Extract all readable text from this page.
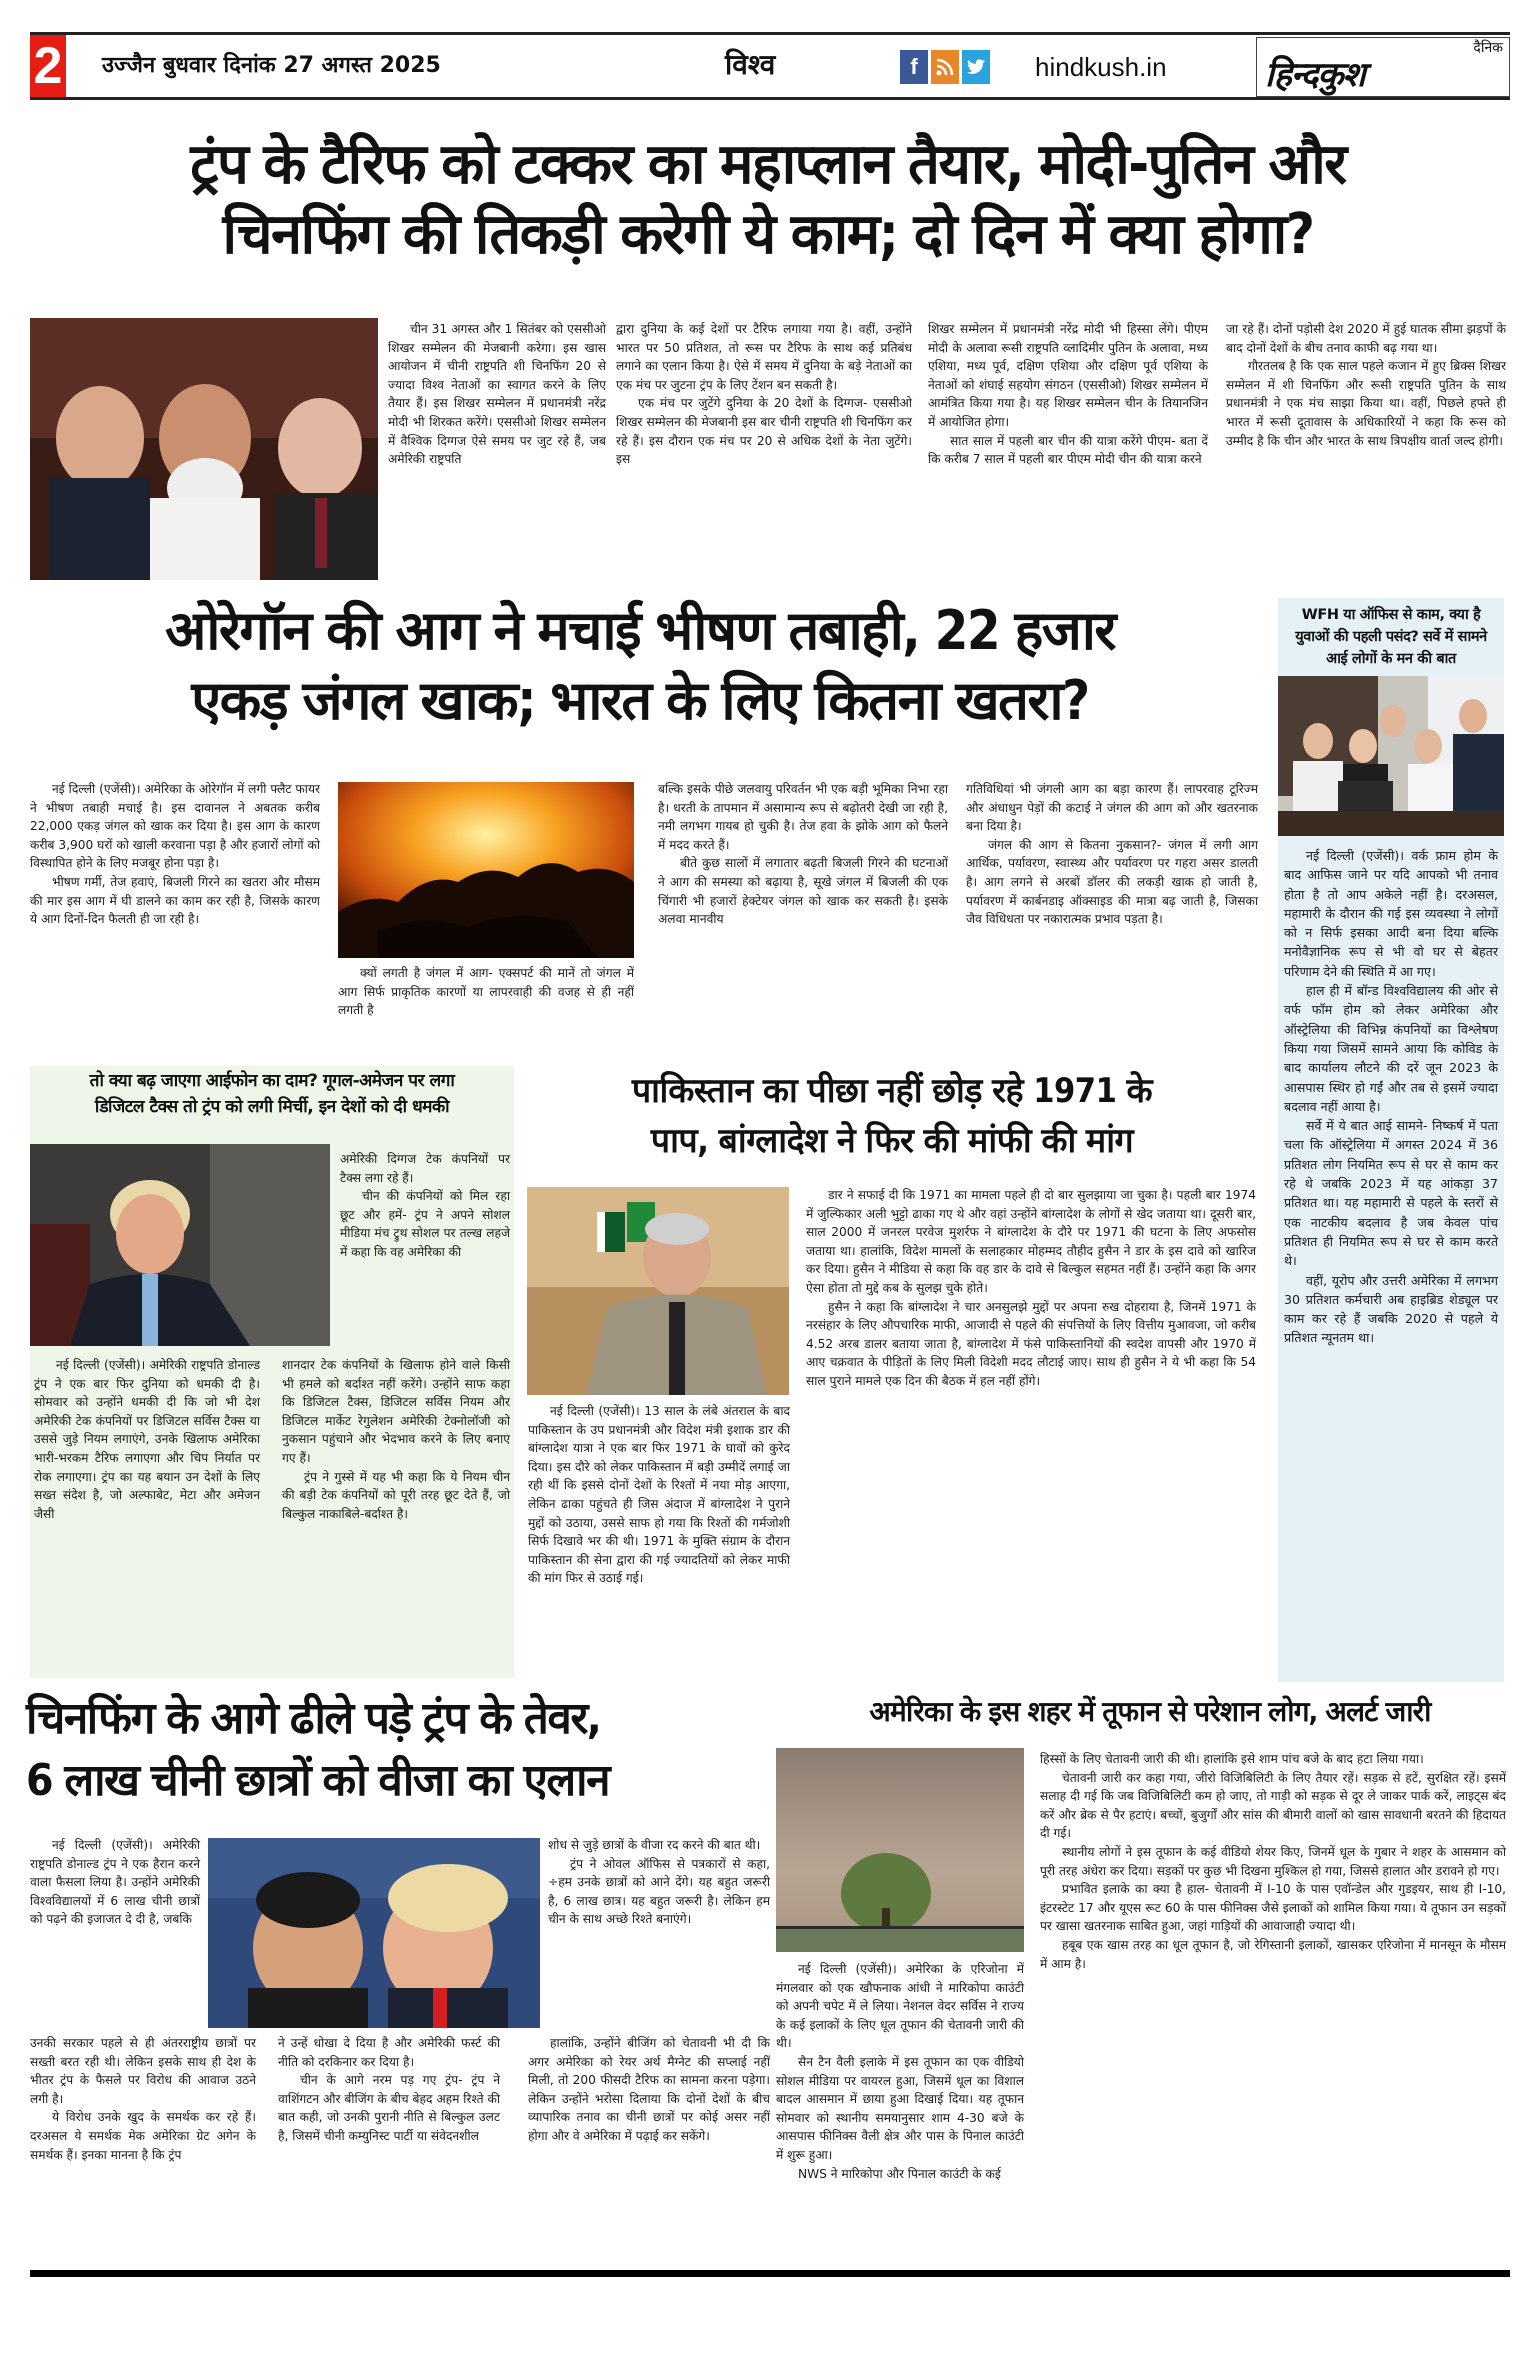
2 उज्जैन बुधवार दिनांक 27 अगस्त 2025	विश्व	f	hindkush.in
दैनिक
हिन्दकुश
ट्रंप के टैरिफ को टक्कर का महाप्लान तैयार, मोदी-पुतिन और
चिनफिंग की तिकड़ी करेगी ये काम; दो दिन में क्या होगा?

चीन 31 अगस्त और 1 सितंबर को एससीओ शिखर सम्मेलन की मेजबानी करेगा। इस खास आयोजन में चीनी राष्ट्रपति शी चिनफिंग 20 से ज्यादा विश्व नेताओं का स्वागत करने के लिए तैयार हैं। इस शिखर सम्मेलन में प्रधानमंत्री नरेंद्र मोदी भी शिरकत करेंगे। एससीओ शिखर सम्मेलन में वैश्विक दिग्गज ऐसे समय पर जुट रहे हैं, जब अमेरिकी राष्ट्रपति

द्वारा दुनिया के कई देशों पर टैरिफ लगाया गया है। वहीं, उन्होंने भारत पर 50 प्रतिशत, तो रूस पर टैरिफ के साथ कई प्रतिबंध लगाने का एलान किया है। ऐसे में समय में दुनिया के बड़े नेताओं का एक मंच पर जुटना ट्रंप के लिए टेंशन बन सकती है।

एक मंच पर जुटेंगे दुनिया के 20 देशों के दिग्गज- एससीओ शिखर सम्मेलन की मेजबानी इस बार चीनी राष्ट्रपति शी चिनफिंग कर रहे हैं। इस दौरान एक मंच पर 20 से अधिक देशों के नेता जुटेंगे। इस

शिखर सम्मेलन में प्रधानमंत्री नरेंद्र मोदी भी हिस्सा लेंगे। पीएम मोदी के अलावा रूसी राष्ट्रपति व्लादिमीर पुतिन के अलावा, मध्य एशिया, मध्य पूर्व, दक्षिण एशिया और दक्षिण पूर्व एशिया के नेताओं को शंघाई सहयोग संगठन (एससीओ) शिखर सम्मेलन में आमंत्रित किया गया है। यह शिखर सम्मेलन चीन के तियानजिन में आयोजित होगा।

सात साल में पहली बार चीन की यात्रा करेंगे पीएम- बता दें कि करीब 7 साल में पहली बार पीएम मोदी चीन की यात्रा करने

जा रहे हैं। दोनों पड़ोसी देश 2020 में हुई घातक सीमा झड़पों के बाद दोनों देशों के बीच तनाव काफी बढ़ गया था।

गौरतलब है कि एक साल पहले कजान में हुए ब्रिक्स शिखर सम्मेलन में शी चिनफिंग और रूसी राष्ट्रपति पुतिन के साथ प्रधानमंत्री ने एक मंच साझा किया था। वहीं, पिछले हफ्ते ही भारत में रूसी दूतावास के अधिकारियों ने कहा कि रूस को उम्मीद है कि चीन और भारत के साथ त्रिपक्षीय वार्ता जल्द होगी।

ओरेगॉन की आग ने मचाई भीषण तबाही, 22 हजार
एकड़ जंगल खाक; भारत के लिए कितना खतरा?

नई दिल्ली (एजेंसी)। अमेरिका के ओरेगॉन में लगी फ्लैट फायर ने भीषण तबाही मचाई है। इस दावानल ने अबतक करीब 22,000 एकड़ जंगल को खाक कर दिया है। इस आग के कारण करीब 3,900 घरों को खाली करवाना पड़ा है और हजारों लोगों को विस्थापित होने के लिए मजबूर होना पड़ा है।

भीषण गर्मी, तेज हवाएं, बिजली गिरने का खतरा और मौसम की मार इस आग में घी डालने का काम कर रही है, जिसके कारण ये आग दिनों-दिन फैलती ही जा रही है।

क्यों लगती है जंगल में आग- एक्सपर्ट की मानें तो जंगल में आग सिर्फ प्राकृतिक कारणों या लापरवाही की वजह से ही नहीं लगती है

बल्कि इसके पीछे जलवायु परिवर्तन भी एक बड़ी भूमिका निभा रहा है। धरती के तापमान में असामान्य रूप से बढ़ोतरी देखी जा रही है, नमी लगभग गायब हो चुकी है। तेज हवा के झोके आग को फैलने में मदद करते हैं।

बीते कुछ सालों में लगातार बढ़ती बिजली गिरने की घटनाओं ने आग की समस्या को बढ़ाया है, सूखे जंगल में बिजली की एक चिंगारी भी हजारों हेक्टेयर जंगल को खाक कर सकती है। इसके अलवा मानवीय

गतिविधियां भी जंगली आग का बड़ा कारण हैं। लापरवाह टूरिज्म और अंधाधुन पेड़ों की कटाई ने जंगल की आग को और खतरनाक बना दिया है।

जंगल की आग से कितना नुकसान?- जंगल में लगी आग आर्थिक, पर्यावरण, स्वास्थ्य और पर्यावरण पर गहरा असर डालती है। आग लगने से अरबों डॉलर की लकड़ी खाक हो जाती है, पर्यावरण में कार्बनडाइ ऑक्साइड की मात्रा बढ़ जाती है, जिसका जैव विधिधता पर नकारात्मक प्रभाव पड़ता है।

WFH या ऑफिस से काम, क्या है युवाओं की पहली पसंद? सर्वे में सामने आई लोगों के मन की बात

नई दिल्ली (एजेंसी)। वर्क फ्राम होम के बाद आफिस जाने पर यदि आपको भी तनाव होता है तो आप अकेले नहीं है। दरअसल, महामारी के दौरान की गई इस व्यवस्था ने लोगों को न सिर्फ इसका आदी बना दिया बल्कि मनोवैज्ञानिक रूप से भी वो घर से बेहतर परिणाम देने की स्थिति में आ गए।

हाल ही में बॉन्ड विश्वविद्यालय की ओर से वर्फ फॉम होम को लेकर अमेरिका और ऑस्ट्रेलिया की विभिन्न कंपनियों का विश्लेषण किया गया जिसमें सामने आया कि कोविड के बाद कार्यालय लौटने की दरें जून 2023 के आसपास स्थिर हो गईं और तब से इसमें ज्यादा बदलाव नहीं आया है।

सर्वे में ये बात आई सामने- निष्कर्ष में पता चला कि ऑस्ट्रेलिया में अगस्त 2024 में 36 प्रतिशत लोग नियमित रूप से घर से काम कर रहे थे जबकि 2023 में यह आंकड़ा 37 प्रतिशत था। यह महामारी से पहले के स्तरों से एक नाटकीय बदलाव है जब केवल पांच प्रतिशत ही नियमित रूप से घर से काम करते थे।

वहीं, यूरोप और उत्तरी अमेरिका में लगभग 30 प्रतिशत कर्मचारी अब हाइब्रिड शेड्यूल पर काम कर रहे हैं जबकि 2020 से पहले ये प्रतिशत न्यूनतम था।

तो क्या बढ़ जाएगा आईफोन का दाम? गूगल-अमेजन पर लगा
डिजिटल टैक्स तो ट्रंप को लगी मिर्ची, इन देशों को दी धमकी

अमेरिकी दिग्गज टेक कंपनियों पर टैक्स लगा रहे हैं।

चीन की कंपनियों को मिल रहा छूट और हमें- ट्रंप ने अपने सोशल मीडिया मंच ट्रुथ सोशल पर तल्ख लहजे में कहा कि वह अमेरिका की

नई दिल्ली (एजेंसी)। अमेरिकी राष्ट्रपति डोनाल्ड ट्रंप ने एक बार फिर दुनिया को धमकी दी है। सोमवार को उन्होंने धमकी दी कि जो भी देश अमेरिकी टेक कंपनियों पर डिजिटल सर्विस टैक्स या उससे जुड़े नियम लगाएंगे, उनके खिलाफ अमेरिका भारी-भरकम टैरिफ लगाएगा और चिप निर्यात पर रोक लगाएगा। ट्रंप का यह बयान उन देशों के लिए सख्त संदेश है, जो अल्फाबेट, मेटा और अमेजन जैसी

शानदार टेक कंपनियों के खिलाफ होने वाले किसी भी हमले को बर्दाश्त नहीं करेंगे। उन्होंने साफ कहा कि डिजिटल टैक्स, डिजिटल सर्विस नियम और डिजिटल मार्केट रेगुलेशन अमेरिकी टेक्नोलॉजी को नुकसान पहुंचाने और भेदभाव करने के लिए बनाए गए हैं।

ट्रंप ने गुस्से में यह भी कहा कि ये नियम चीन की बड़ी टेक कंपनियों को पूरी तरह छूट देते हैं, जो बिल्कुल नाकाबिले-बर्दाश्त है।

पाकिस्तान का पीछा नहीं छोड़ रहे 1971 के
पाप, बांग्लादेश ने फिर की मांफी की मांग

नई दिल्ली (एजेंसी)। 13 साल के लंबे अंतराल के बाद पाकिस्तान के उप प्रधानमंत्री और विदेश मंत्री इशाक डार की बांग्लादेश यात्रा ने एक बार फिर 1971 के घावों को कुरेद दिया। इस दौरे को लेकर पाकिस्तान में बड़ी उम्मीदें लगाई जा रही थीं कि इससे दोनों देशों के रिश्तों में नया मोड़ आएगा, लेकिन ढाका पहुंचते ही जिस अंदाज में बांग्लादेश ने पुराने मुद्दों को उठाया, उससे साफ हो गया कि रिश्तों की गर्मजोशी सिर्फ दिखावे भर की थी। 1971 के मुक्ति संग्राम के दौरान पाकिस्तान की सेना द्वारा की गई ज्यादतियों को लेकर माफी की मांग फिर से उठाई गई।

डार ने सफाई दी कि 1971 का मामला पहले ही दो बार सुलझाया जा चुका है। पहली बार 1974 में जुल्फिकार अली भुट्टो ढाका गए थे और वहां उन्होंने बांग्लादेश के लोगों से खेद जताया था। दूसरी बार, साल 2000 में जनरल परवेज मुशर्रफ ने बांग्लादेश के दौरे पर 1971 की घटना के लिए अफसोस जताया था। हालांकि, विदेश मामलों के सलाहकार मोहम्मद तौहीद हुसैन ने डार के इस दावे को खारिज कर दिया। हुसैन ने मीडिया से कहा कि वह डार के दावे से बिल्कुल सहमत नहीं हैं। उन्होंने कहा कि अगर ऐसा होता तो मुद्दे कब के सुलझ चुके होते।

हुसैन ने कहा कि बांग्लादेश ने चार अनसुलझे मुद्दों पर अपना रुख दोहराया है, जिनमें 1971 के नरसंहार के लिए औपचारिक माफी, आजादी से पहले की संपत्तियों के लिए वित्तीय मुआवजा, जो करीब 4.52 अरब डालर बताया जाता है, बांग्लादेश में फंसे पाकिस्तानियों की स्वदेश वापसी और 1970 में आए चक्रवात के पीड़ितों के लिए मिली विदेशी मदद लौटाई जाए। साथ ही हुसैन ने ये भी कहा कि 54 साल पुराने मामले एक दिन की बैठक में हल नहीं होंगे।

चिनफिंग के आगे ढीले पड़े ट्रंप के तेवर,
6 लाख चीनी छात्रों को वीजा का एलान

नई दिल्ली (एजेंसी)। अमेरिकी राष्ट्रपति डोनाल्ड ट्रंप ने एक हैरान करने वाला फैसला लिया है। उन्होंने अमेरिकी विश्वविद्यालयों में 6 लाख चीनी छात्रों को पढ़ने की इजाजत दे दी है, जबकि

उनकी सरकार पहले से ही अंतरराष्ट्रीय छात्रों पर सख्ती बरत रही थी। लेकिन इसके साथ ही देश के भीतर ट्रंप के फैसले पर विरोध की आवाज उठने लगी है।

ये विरोध उनके खुद के समर्थक कर रहे हैं। दरअसल ये समर्थक मेक अमेरिका ग्रेट अगेन के समर्थक हैं। इनका मानना है कि ट्रंप

ने उन्हें धोखा दे दिया है और अमेरिकी फर्स्ट की नीति को दरकिनार कर दिया है।

चीन के आगे नरम पड़ गए ट्रंप- ट्रंप ने वाशिंगटन और बीजिंग के बीच बेहद अहम रिश्ते की बात कही, जो उनकी पुरानी नीति से बिल्कुल उलट है, जिसमें चीनी कम्युनिस्ट पार्टी या संवेदनशील

शोध से जुड़े छात्रों के वीजा रद करने की बात थी।

ट्रंप ने ओवल ऑफिस से पत्रकारों से कहा, ÷हम उनके छात्रों को आने देंगे। यह बहुत जरूरी है, 6 लाख छात्र। यह बहुत जरूरी है। लेकिन हम चीन के साथ अच्छे रिश्ते बनाएंगे।

हालांकि, उन्होंने बीजिंग को चेतावनी भी दी कि अगर अमेरिका को रेयर अर्थ मैग्नेट की सप्लाई नहीं मिली, तो 200 फीसदी टैरिफ का सामना करना पड़ेगा। लेकिन उन्होंने भरोसा दिलाया कि दोनों देशों के बीच व्यापारिक तनाव का चीनी छात्रों पर कोई असर नहीं होगा और वे अमेरिका में पढ़ाई कर सकेंगे।

अमेरिका के इस शहर में तूफान से परेशान लोग, अलर्ट जारी

नई दिल्ली (एजेंसी)। अमेरिका के एरिजोना में मंगलवार को एक खौफनाक आंधी ने मारिकोपा काउंटी को अपनी चपेट में ले लिया। नेशनल वेदर सर्विस ने राज्य के कई इलाकों के लिए धूल तूफान की चेतावनी जारी की थी।

सैन टैन वैली इलाके में इस तूफान का एक वीडियो सोशल मीडिया पर वायरल हुआ, जिसमें धूल का विशाल बादल आसमान में छाया हुआ दिखाई दिया। यह तूफान सोमवार को स्थानीय समयानुसार शाम 4-30 बजे के आसपास फीनिक्स वैली क्षेत्र और पास के पिनाल काउंटी में शुरू हुआ।

NWS ने मारिकोपा और पिनाल काउंटी के कई

हिस्सों के लिए चेतावनी जारी की थी। हालांकि इसे शाम पांच बजे के बाद हटा लिया गया।

चेतावनी जारी कर कहा गया, जीरो विजिबिलिटी के लिए तैयार रहें। सड़क से हटें, सुरक्षित रहें। इसमें सलाह दी गई कि जब विजिबिलिटी कम हो जाए, तो गाड़ी को सड़क से दूर ले जाकर पार्क करें, लाइट्स बंद करें और ब्रेक से पैर हटाएं। बच्चों, बुजुर्गों और सांस की बीमारी वालों को खास सावधानी बरतने की हिदायत दी गई।

स्थानीय लोगों ने इस तूफान के कई वीडियो शेयर किए, जिनमें धूल के गुबार ने शहर के आसमान को पूरी तरह अंधेरा कर दिया। सड़कों पर कुछ भी दिखना मुश्किल हो गया, जिससे हालात और डरावने हो गए।

प्रभावित इलाके का क्या है हाल- चेतावनी में I-10 के पास एवॉन्डेल और गुडइयर, साथ ही I-10, इंटरस्टेट 17 और यूएस रूट 60 के पास फीनिक्स जैसे इलाकों को शामिल किया गया। ये तूफान उन सड़कों पर खासा खतरनाक साबित हुआ, जहां गाड़ियों की आवाजाही ज्यादा थी।

हबूब एक खास तरह का धूल तूफान है, जो रेगिस्तानी इलाकों, खासकर एरिजोना में मानसून के मौसम में आम है।
